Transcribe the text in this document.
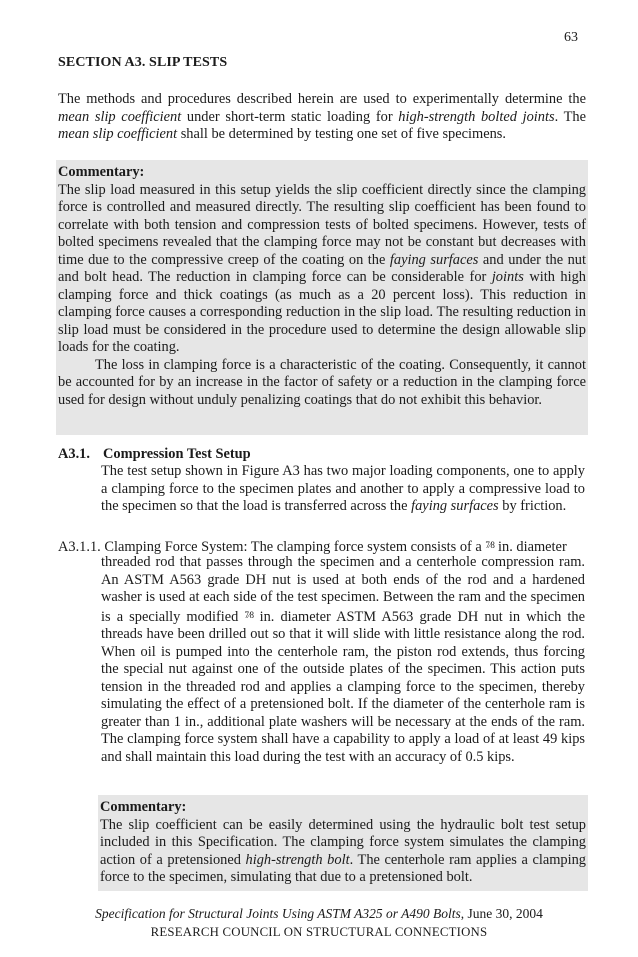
63
SECTION A3. SLIP TESTS

The methods and procedures described herein are used to experimentally determine the mean slip coefficient under short-term static loading for high-strength bolted joints. The mean slip coefficient shall be determined by testing one set of five specimens.

Commentary:

The slip load measured in this setup yields the slip coefficient directly since the clamping force is controlled and measured directly. The resulting slip coefficient has been found to correlate with both tension and compression tests of bolted specimens. However, tests of bolted specimens revealed that the clamping force may not be constant but decreases with time due to the compressive creep of the coating on the faying surfaces and under the nut and bolt head. The reduction in clamping force can be considerable for joints with high clamping force and thick coatings (as much as a 20 percent loss). This reduction in clamping force causes a corresponding reduction in the slip load. The resulting reduction in slip load must be considered in the procedure used to determine the design allowable slip loads for the coating.

The loss in clamping force is a characteristic of the coating. Consequently, it cannot be accounted for by an increase in the factor of safety or a reduction in the clamping force used for design without unduly penalizing coatings that do not exhibit this behavior.

A3.1. Compression Test Setup

The test setup shown in Figure A3 has two major loading components, one to apply a clamping force to the specimen plates and another to apply a compressive load to the specimen so that the load is transferred across the faying surfaces by friction.

A3.1.1. Clamping Force System: The clamping force system consists of a $^{7⁄8}$ in. diameter

threaded rod that passes through the specimen and a centerhole compression ram. An ASTM A563 grade DH nut is used at both ends of the rod and a hardened washer is used at each side of the test specimen. Between the ram and the specimen is a specially modified $^{7⁄8}$ in. diameter ASTM A563 grade DH nut in which the threads have been drilled out so that it will slide with little resistance along the rod. When oil is pumped into the centerhole ram, the piston rod extends, thus forcing the special nut against one of the outside plates of the specimen. This action puts tension in the threaded rod and applies a clamping force to the specimen, thereby simulating the effect of a pretensioned bolt. If the diameter of the centerhole ram is greater than 1 in., additional plate washers will be necessary at the ends of the ram. The clamping force system shall have a capability to apply a load of at least 49 kips and shall maintain this load during the test with an accuracy of 0.5 kips.

Commentary:

The slip coefficient can be easily determined using the hydraulic bolt test setup included in this Specification. The clamping force system simulates the clamping action of a pretensioned high-strength bolt. The centerhole ram applies a clamping force to the specimen, simulating that due to a pretensioned bolt.

Specification for Structural Joints Using ASTM A325 or A490 Bolts, June 30, 2004
RESEARCH COUNCIL ON STRUCTURAL CONNECTIONS
